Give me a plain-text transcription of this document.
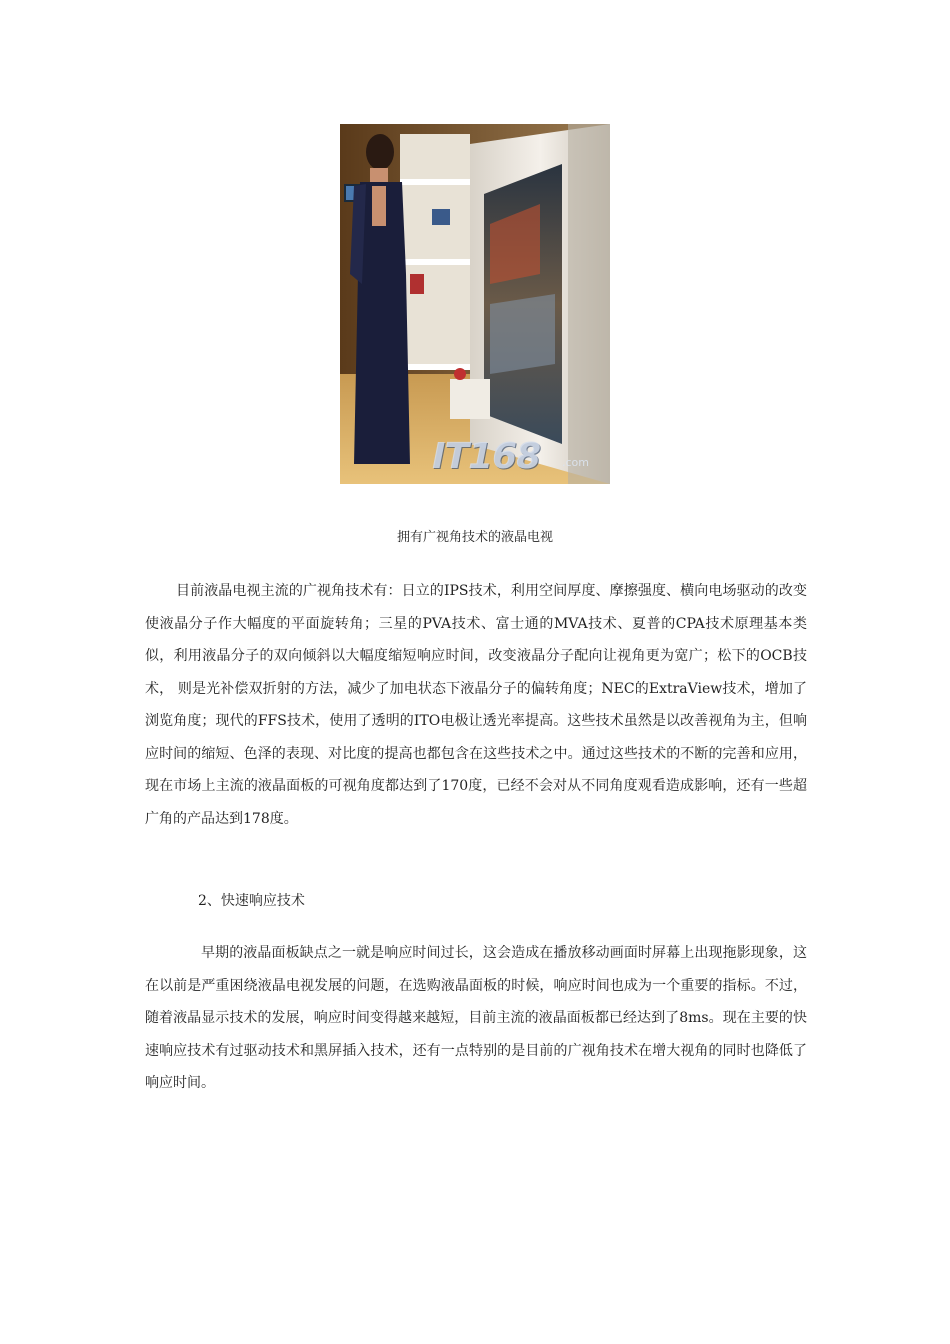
IT168 .com
拥有广视角技术的液晶电视
目前液晶电视主流的广视角技术有：日立的IPS技术，利用空间厚度、摩擦强度、横向电场驱动的改变使液晶分子作大幅度的平面旋转角；三星的PVA技术、富士通的MVA技术、夏普的CPA技术原理基本类似，利用液晶分子的双向倾斜以大幅度缩短响应时间，改变液晶分子配向让视角更为宽广；松下的OCB技术， 则是光补偿双折射的方法，减少了加电状态下液晶分子的偏转角度；NEC的ExtraView技术，增加了浏览角度；现代的FFS技术，使用了透明的ITO电极让透光率提高。这些技术虽然是以改善视角为主，但响应时间的缩短、色泽的表现、对比度的提高也都包含在这些技术之中。通过这些技术的不断的完善和应用，现在市场上主流的液晶面板的可视角度都达到了170度，已经不会对从不同角度观看造成影响，还有一些超广角的产品达到178度。
2、快速响应技术
早期的液晶面板缺点之一就是响应时间过长，这会造成在播放移动画面时屏幕上出现拖影现象，这在以前是严重困绕液晶电视发展的问题，在选购液晶面板的时候，响应时间也成为一个重要的指标。不过，随着液晶显示技术的发展，响应时间变得越来越短，目前主流的液晶面板都已经达到了8ms。现在主要的快速响应技术有过驱动技术和黑屏插入技术，还有一点特别的是目前的广视角技术在增大视角的同时也降低了响应时间。
